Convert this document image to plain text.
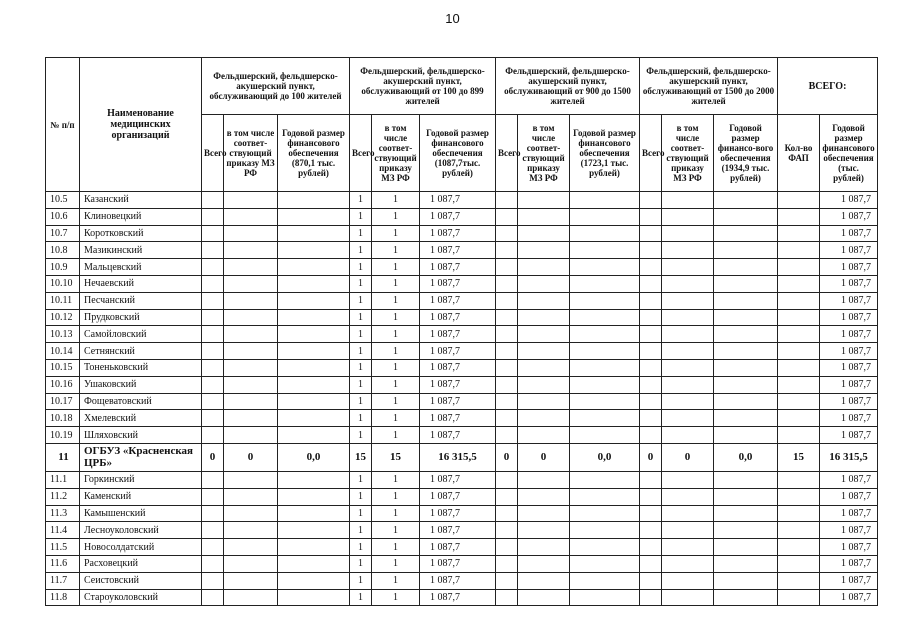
10
№ п/п	Наименование медицинских организаций	Фельдшерский, фельдшерско-акушерский пункт, обслуживающий до 100 жителей			Фельдшерский, фельдшерско-акушерский пункт, обслуживающий от 100 до 899 жителей			Фельдшерский, фельдшерско-акушерский пункт, обслуживающий от 900 до 1500 жителей			Фельдшерский, фельдшерско-акушерский пункт, обслуживающий от 1500 до 2000 жителей			ВСЕГО:	
		Всего	в том числе соответ-ствующий приказу МЗ РФ	Годовой размер финансового обеспечения (870,1 тыс. рублей)	Всего	в том числе соответ-ствующий приказу МЗ РФ	Годовой размер финансового обеспечения (1087,7тыс. рублей)	Всего	в том числе соответ-ствующий приказу МЗ РФ	Годовой размер финансового обеспечения (1723,1 тыс. рублей)	Всего	в том числе соответ-ствующий приказу МЗ РФ	Годовой размер финансо-вого обеспечения (1934,9 тыс. рублей)	Кол-во ФАП	Годовой размер финансового обеспечения (тыс. рублей)
10.5	Казанский				1	1	1 087,7								1 087,7
10.6	Клиновецкий				1	1	1 087,7								1 087,7
10.7	Коротковский				1	1	1 087,7								1 087,7
10.8	Мазикинский				1	1	1 087,7								1 087,7
10.9	Мальцевский				1	1	1 087,7								1 087,7
10.10	Нечаевский				1	1	1 087,7								1 087,7
10.11	Песчанский				1	1	1 087,7								1 087,7
10.12	Прудковский				1	1	1 087,7								1 087,7
10.13	Самойловский				1	1	1 087,7								1 087,7
10.14	Сетнянский				1	1	1 087,7								1 087,7
10.15	Тоненьковский				1	1	1 087,7								1 087,7
10.16	Ушаковский				1	1	1 087,7								1 087,7
10.17	Фощеватовский				1	1	1 087,7								1 087,7
10.18	Хмелевский				1	1	1 087,7								1 087,7
10.19	Шляховский				1	1	1 087,7								1 087,7
11	ОГБУЗ «Красненская ЦРБ»	0	0	0,0	15	15	16 315,5	0	0	0,0	0	0	0,0	15	16 315,5
11.1	Горкинский				1	1	1 087,7								1 087,7
11.2	Каменский				1	1	1 087,7								1 087,7
11.3	Камышенский				1	1	1 087,7								1 087,7
11.4	Лесноуколовский				1	1	1 087,7								1 087,7
11.5	Новосолдатский				1	1	1 087,7								1 087,7
11.6	Расховецкий				1	1	1 087,7								1 087,7
11.7	Сеистовский				1	1	1 087,7								1 087,7
11.8	Староуколовский				1	1	1 087,7								1 087,7
